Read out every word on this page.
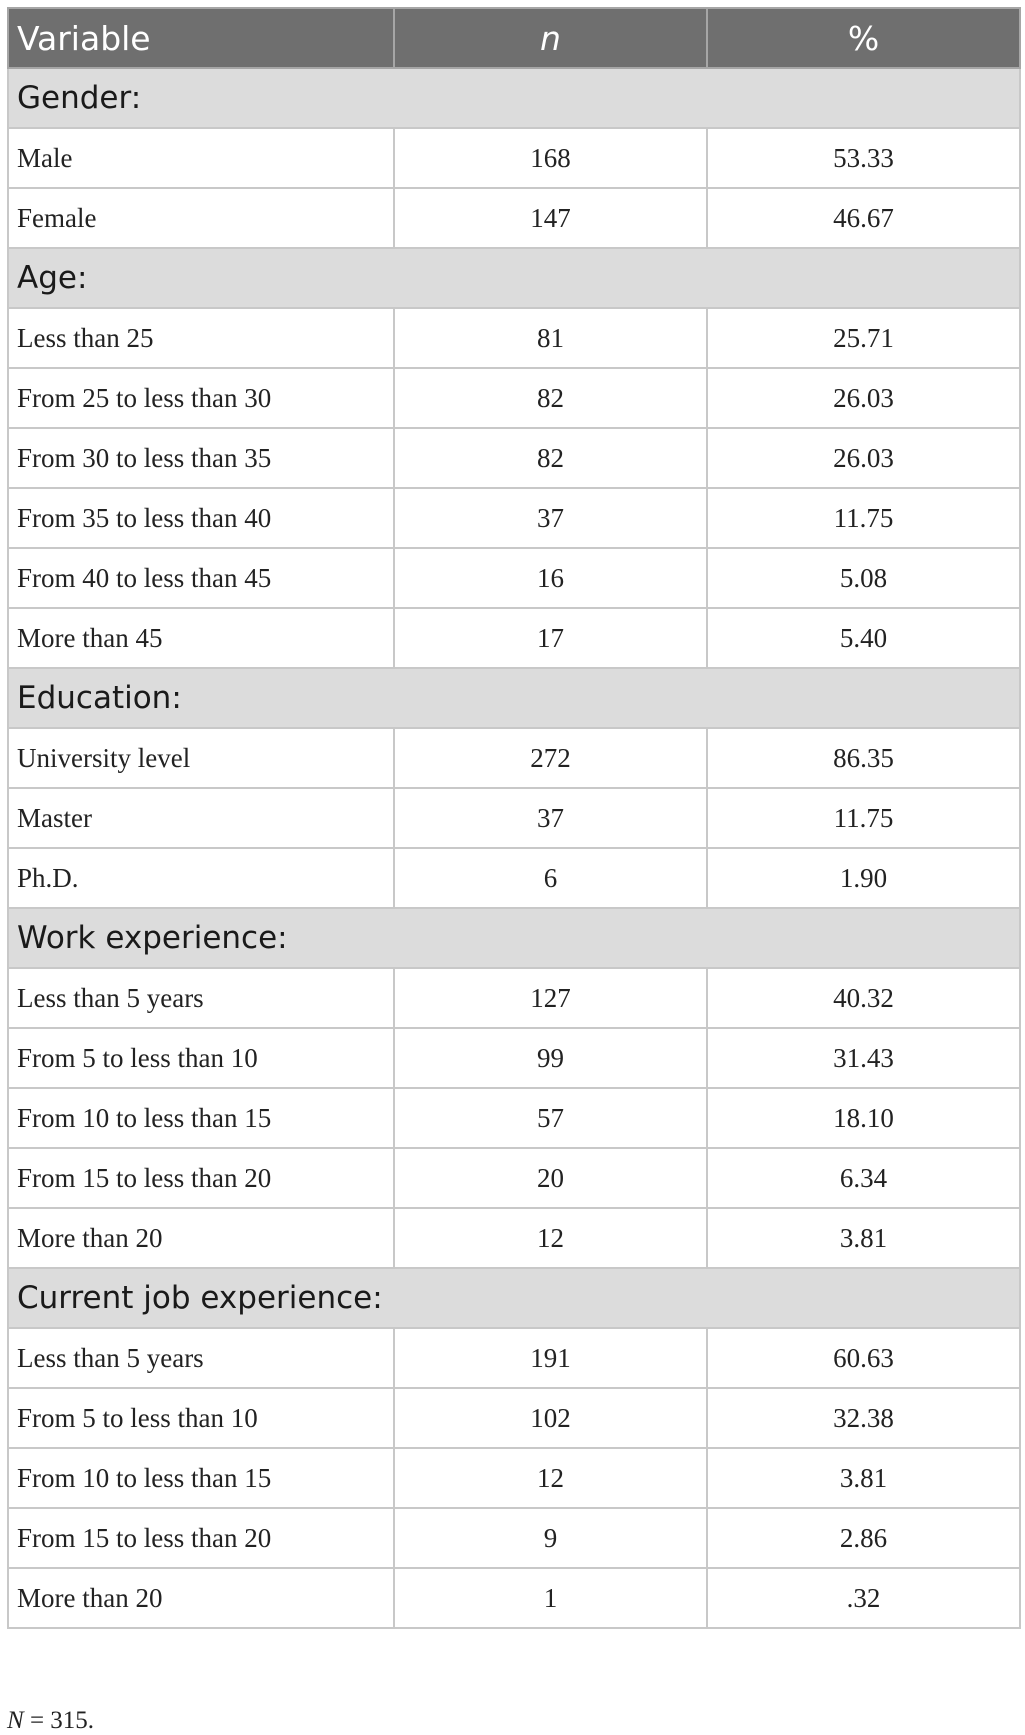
Variable	n	%
Gender:		
Male	168	53.33
Female	147	46.67
Age:		
Less than 25	81	25.71
From 25 to less than 30	82	26.03
From 30 to less than 35	82	26.03
From 35 to less than 40	37	11.75
From 40 to less than 45	16	5.08
More than 45	17	5.40
Education:		
University level	272	86.35
Master	37	11.75
Ph.D.	6	1.90
Work experience:		
Less than 5 years	127	40.32
From 5 to less than 10	99	31.43
From 10 to less than 15	57	18.10
From 15 to less than 20	20	6.34
More than 20	12	3.81
Current job experience:		
Less than 5 years	191	60.63
From 5 to less than 10	102	32.38
From 10 to less than 15	12	3.81
From 15 to less than 20	9	2.86
More than 20	1	.32
N = 315.
